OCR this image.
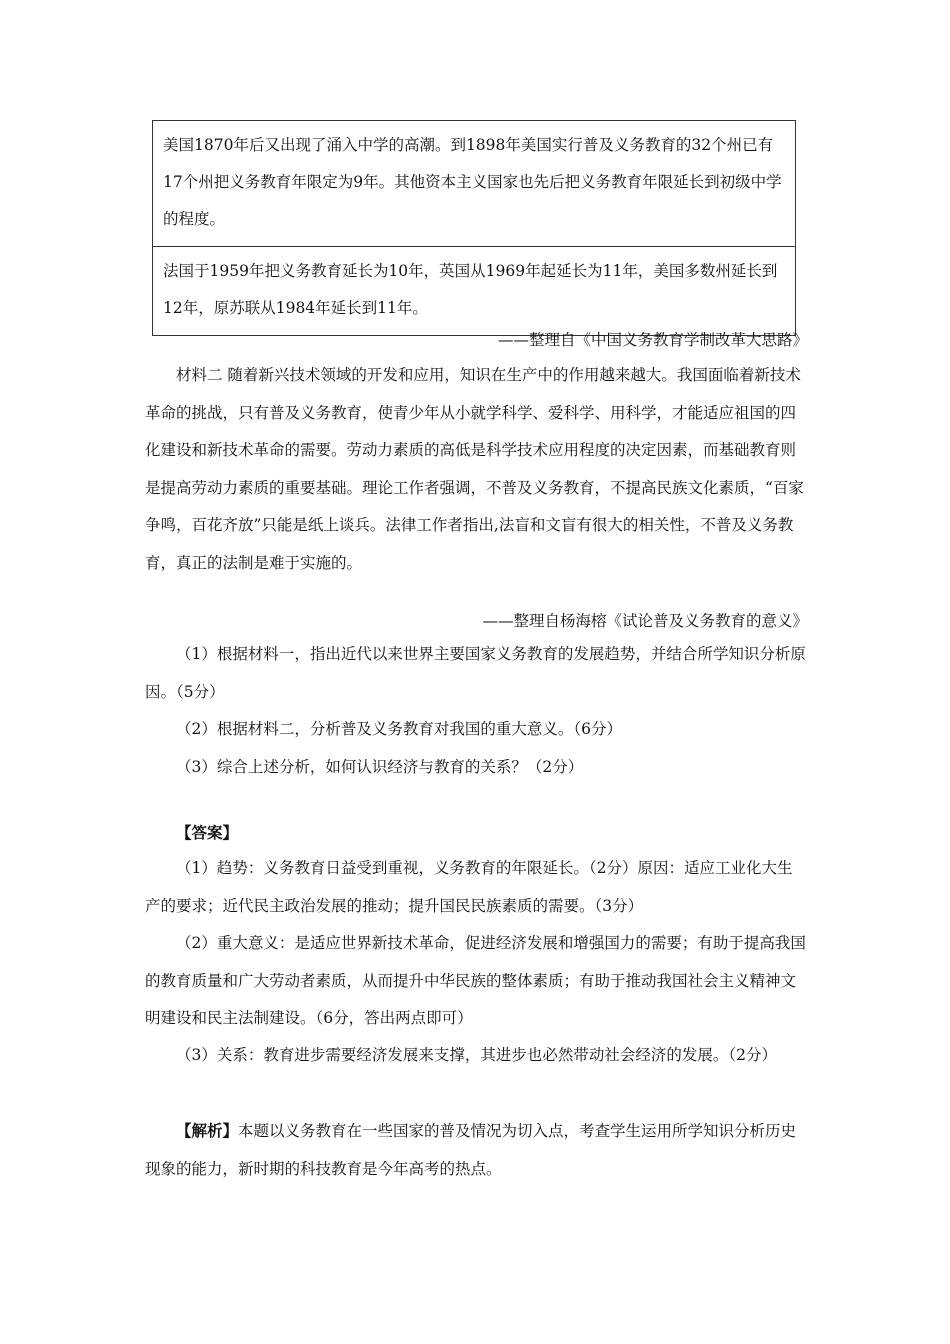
美国1870年后又出现了涌入中学的高潮。到1898年美国实行普及义务教育的32个州已有17个州把义务教育年限定为9年。其他资本主义国家也先后把义务教育年限延长到初级中学的程度。
法国于1959年把义务教育延长为10年，英国从1969年起延长为11年，美国多数州延长到12年，原苏联从1984年延长到11年。
——整理自《中国义务教育学制改革大思路》
材料二 随着新兴技术领域的开发和应用，知识在生产中的作用越来越大。我国面临着新技术革命的挑战，只有普及义务教育，使青少年从小就学科学、爱科学、用科学，才能适应祖国的四化建设和新技术革命的需要。劳动力素质的高低是科学技术应用程度的决定因素，而基础教育则是提高劳动力素质的重要基础。理论工作者强调，不普及义务教育，不提高民族文化素质，“百家争鸣，百花齐放”只能是纸上谈兵。法律工作者指出,法盲和文盲有很大的相关性，不普及义务教育，真正的法制是难于实施的。
——整理自杨海榕《试论普及义务教育的意义》
（1）根据材料一，指出近代以来世界主要国家义务教育的发展趋势，并结合所学知识分析原因。（5分）
（2）根据材料二，分析普及义务教育对我国的重大意义。（6分）
（3）综合上述分析，如何认识经济与教育的关系？（2分）
【答案】
（1）趋势：义务教育日益受到重视，义务教育的年限延长。（2分）原因：适应工业化大生产的要求；近代民主政治发展的推动；提升国民民族素质的需要。（3分）
（2）重大意义：是适应世界新技术革命，促进经济发展和增强国力的需要；有助于提高我国的教育质量和广大劳动者素质，从而提升中华民族的整体素质；有助于推动我国社会主义精神文明建设和民主法制建设。（6分，答出两点即可）
（3）关系：教育进步需要经济发展来支撑，其进步也必然带动社会经济的发展。（2分）
【解析】本题以义务教育在一些国家的普及情况为切入点，考查学生运用所学知识分析历史现象的能力，新时期的科技教育是今年高考的热点。
